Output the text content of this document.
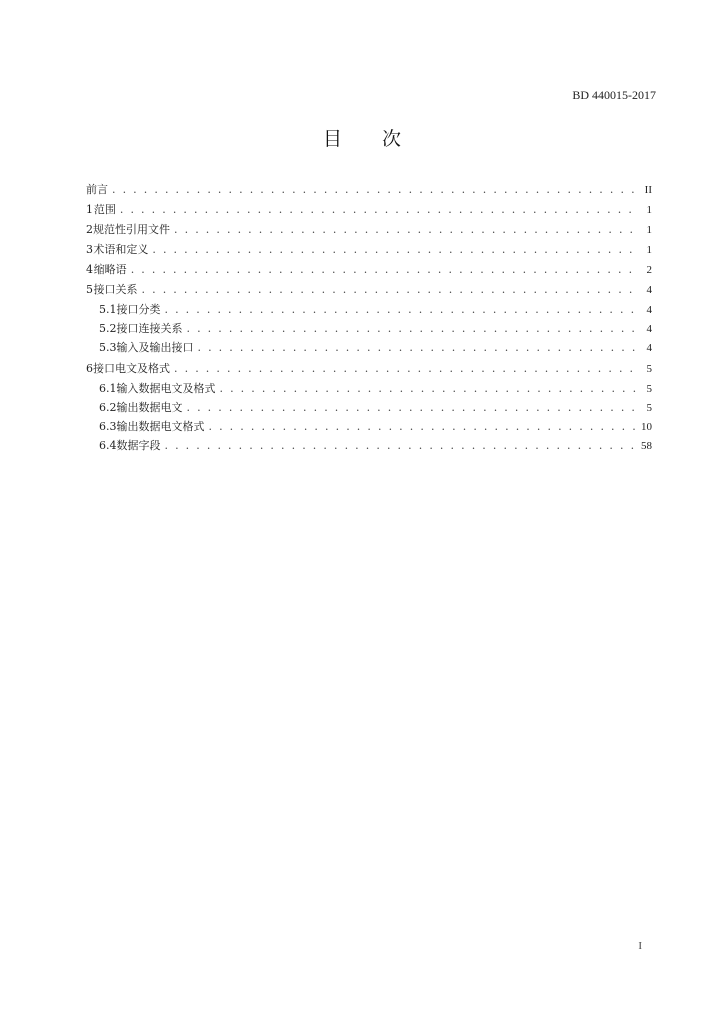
BD 440015-2017
目 次
前言 . . .	II
1 范围 . . .	1
2 规范性引用文件 . . .	1
3 术语和定义 . . .	1
4 缩略语 . . .	2
5 接口关系 . . .	4
5.1 接口分类 . . .	4
5.2 接口连接关系 . . .	4
5.3 输入及输出接口 . . .	4
6 接口电文及格式 . . .	5
6.1 输入数据电文及格式 . . .	5
6.2 输出数据电文 . . .	5
6.3 输出数据电文格式 . . .	10
6.4 数据字段 . . .	58
I
